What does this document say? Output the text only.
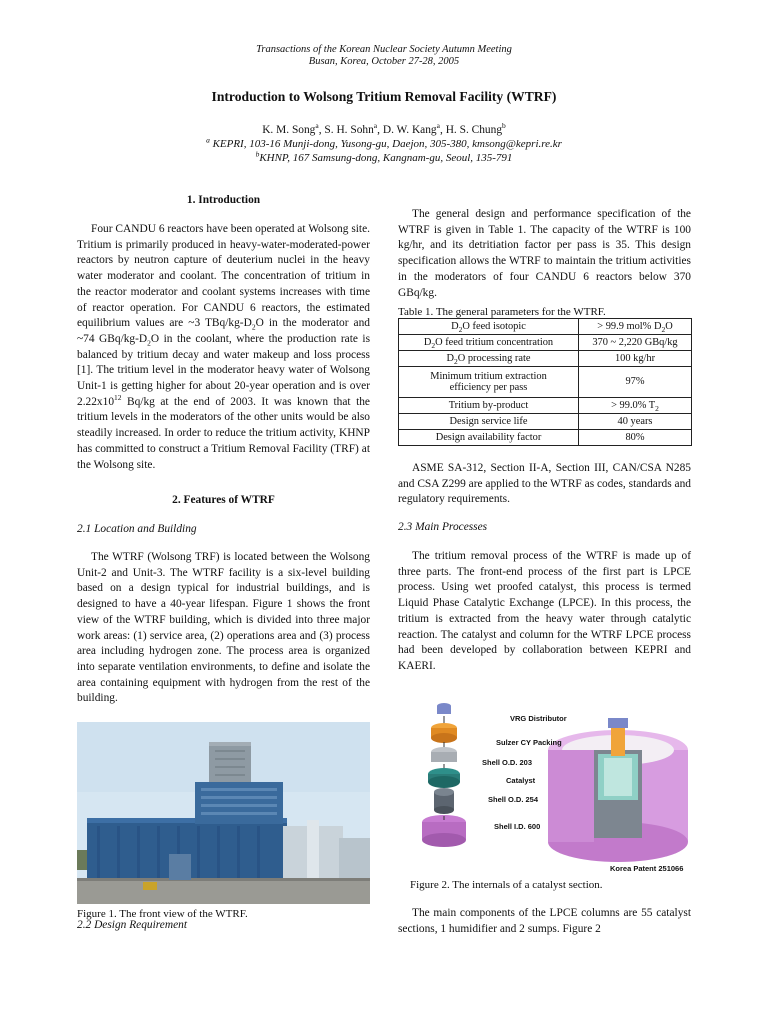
Transactions of the Korean Nuclear Society Autumn Meeting
Busan, Korea, October 27-28, 2005
Introduction to Wolsong Tritium Removal Facility (WTRF)
K. M. Song$^a$, S. H. Sohn$^a$, D. W. Kang$^a$, H. S. Chung$^b$
$^a$ KEPRI, 103-16 Munji-dong, Yusong-gu, Daejon, 305-380, kmsong@kepri.re.kr
$^b$KHNP, 167 Samsung-dong, Kangnam-gu, Seoul, 135-791
1. Introduction

Four CANDU 6 reactors have been operated at Wolsong site. Tritium is primarily produced in heavy-water-moderated-power reactors by neutron capture of deuterium nuclei in the heavy water moderator and coolant. The concentration of tritium in the reactor moderator and coolant systems increases with time of reactor operation. For CANDU 6 reactors, the estimated equilibrium values are ~3 TBq/$kg-D_2O$ in the moderator and ~74 GBq/$kg-D_2O$ in the coolant, where the production rate is balanced by tritium decay and water makeup and loss process [1]. The tritium level in the moderator heavy water of Wolsong Unit-1 is getting higher for about 20-year operation and is over $2.22x10^{12}$ Bq/kg at the end of 2003. It was known that the tritium levels in the moderators of the other units would be also steadily increased. In order to reduce the tritium activity, KHNP has committed to construct a Tritium Removal Facility (TRF) at the Wolsong site.

2. Features of WTRF
2.1 Location and Building

The WTRF (Wolsong TRF) is located between the Wolsong Unit-2 and Unit-3. The WTRF facility is a six-level building based on a design typical for industrial buildings, and is designed to have a 40-year lifespan. Figure 1 shows the front view of the WTRF building, which is divided into three major work areas: (1) service area, (2) operations area and (3) process area including hydrogen zone. The process area is organized into separate ventilation environments, to define and isolate the area containing equipment with hydrogen from the rest of the building.

Figure 1. The front view of the WTRF.
2.2 Design Requirement

The general design and performance specification of the WTRF is given in Table 1. The capacity of the WTRF is 100 kg/hr, and its detritiation factor per pass is 35. This design specification allows the WTRF to maintain the tritium activities in the moderators of four CANDU 6 reactors below 370 GBq/kg.

Table 1. The general parameters for the WTRF.
$D_2O$ feed isotopic	> 99.9 mol% $D_2O$
$D_2O$ feed tritium concentration	370 ~ 2,220 GBq/kg
$D_2O$ processing rate	100 kg/hr
Minimum tritium extraction
efficiency per pass	97%
Tritium by-product	> 99.0% $T_2$
Design service life	40 years
Design availability factor	80%

ASME SA-312, Section II-A, Section III, CAN/CSA N285 and CSA Z299 are applied to the WTRF as codes, standards and regulatory requirements.

2.3 Main Processes

The tritium removal process of the WTRF is made up of three parts. The front-end process of the first part is LPCE process. Using wet proofed catalyst, this process is termed Liquid Phase Catalytic Exchange (LPCE). In this process, the tritium is extracted from the heavy water through catalytic reaction. The catalyst and column for the WTRF LPCE process had been developed by collaboration between KEPRI and KAERI.

VRG Distributor
Sulzer CY Packing
Shell O.D. 203
Catalyst
Shell O.D. 254
Shell I.D. 600
Korea Patent 251066
Figure 2. The internals of a catalyst section.

The main components of the LPCE columns are 55 catalyst sections, 1 humidifier and 2 sumps. Figure 2
